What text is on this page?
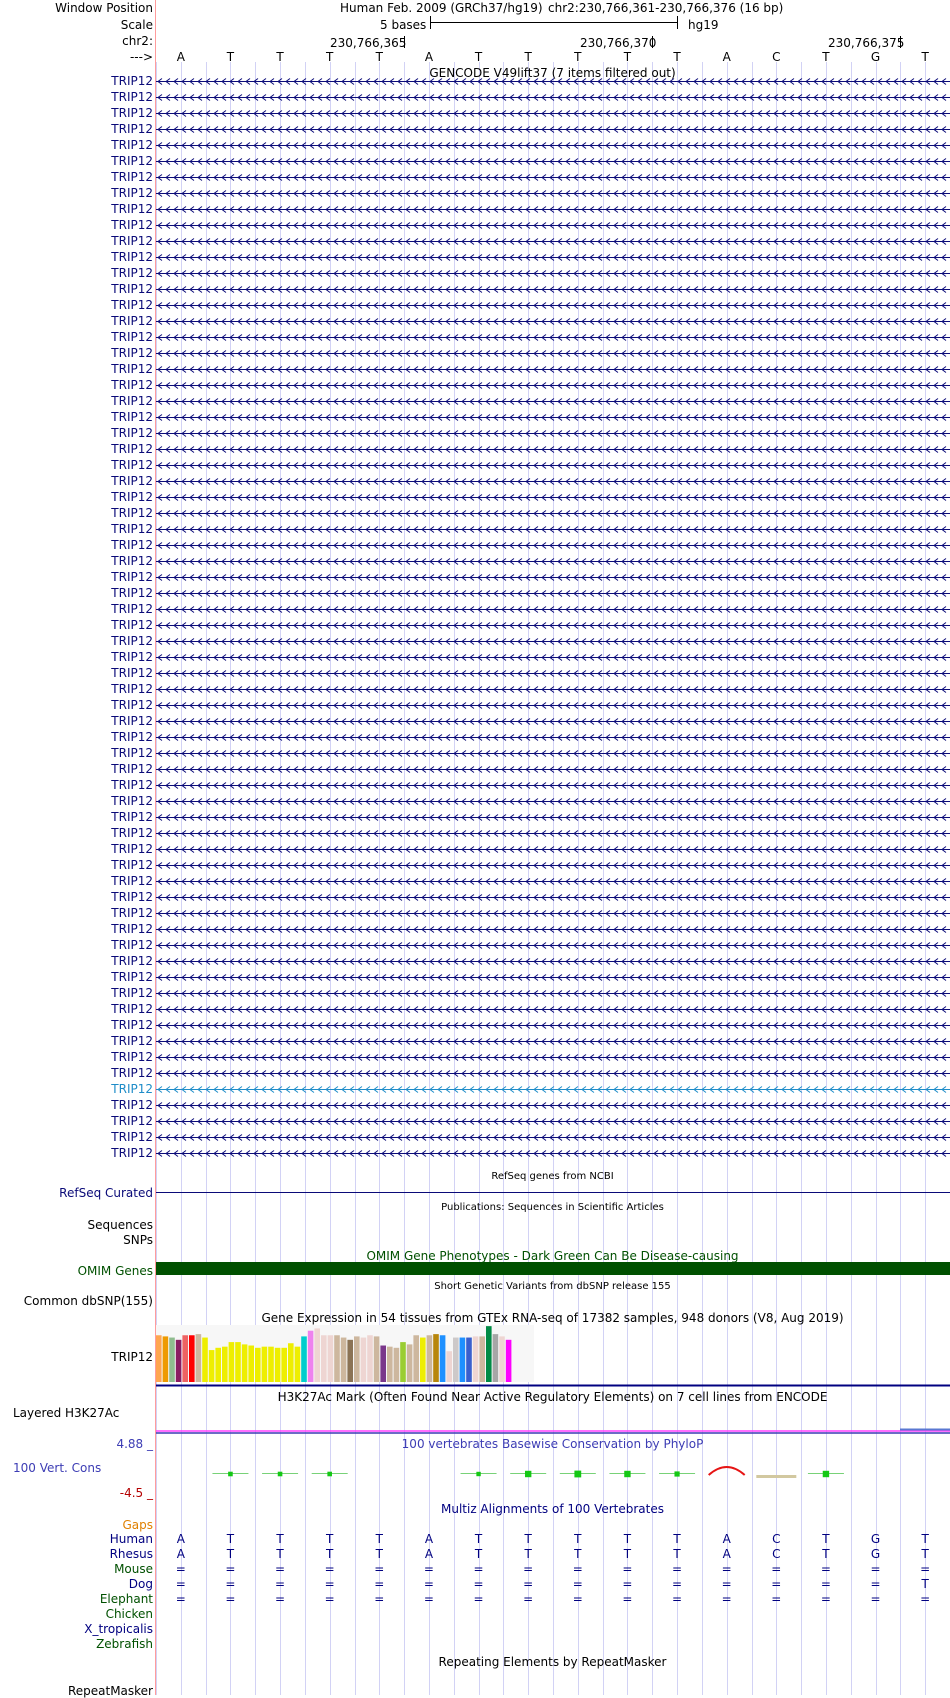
Window Position
Scale
chr2:
--->
Human Feb. 2009 (GRCh37/hg19) chr2:230,766,361-230,766,376 (16 bp)
5 bases	hg19
230,766,365	230,766,370	230,766,375
GENCODE V49lift37 (7 items filtered out)
RefSeq genes from NCBI
Publications: Sequences in Scientific Articles
OMIM Gene Phenotypes - Dark Green Can Be Disease-causing
Short Genetic Variants from dbSNP release 155
Gene Expression in 54 tissues from GTEx RNA-seq of 17382 samples, 948 donors (V8, Aug 2019)
H3K27Ac Mark (Often Found Near Active Regulatory Elements) on 7 cell lines from ENCODE
100 vertebrates Basewise Conservation by PhyloP
Multiz Alignments of 100 Vertebrates
Repeating Elements by RepeatMasker
RefSeq Curated
Sequences
SNPs
OMIM Genes
Common dbSNP(155)
TRIP12
Layered H3K27Ac
100 Vert. Cons
4.88 _
-4.5 _
Gaps
RepeatMasker
A	T	T	T	T	A	T	T	T	T	T	A	C	T	G	T
TRIP12
TRIP12
TRIP12
TRIP12
TRIP12
TRIP12
TRIP12
TRIP12
TRIP12
TRIP12
TRIP12
TRIP12
TRIP12
TRIP12
TRIP12
TRIP12
TRIP12
TRIP12
TRIP12
TRIP12
TRIP12
TRIP12
TRIP12
TRIP12
TRIP12
TRIP12
TRIP12
TRIP12
TRIP12
TRIP12
TRIP12
TRIP12
TRIP12
TRIP12
TRIP12
TRIP12
TRIP12
TRIP12
TRIP12
TRIP12
TRIP12
TRIP12
TRIP12
TRIP12
TRIP12
TRIP12
TRIP12
TRIP12
TRIP12
TRIP12
TRIP12
TRIP12
TRIP12
TRIP12
TRIP12
TRIP12
TRIP12
TRIP12
TRIP12
TRIP12
TRIP12
TRIP12
TRIP12
TRIP12
TRIP12
TRIP12
TRIP12
TRIP12
Human	A	T	T	T	T	A	T	T	T	T	T	A	C	T	G	T
Rhesus	A	T	T	T	T	A	T	T	T	T	T	A	C	T	G	T
Mouse	=	=	=	=	=	=	=	=	=	=	=	=	=	=	=	=
Dog	=	=	=	=	=	=	=	=	=	=	=	=	=	=	=	T
Elephant	=	=	=	=	=	=	=	=	=	=	=	=	=	=	=	=
Chicken
X_tropicalis
Zebrafish
